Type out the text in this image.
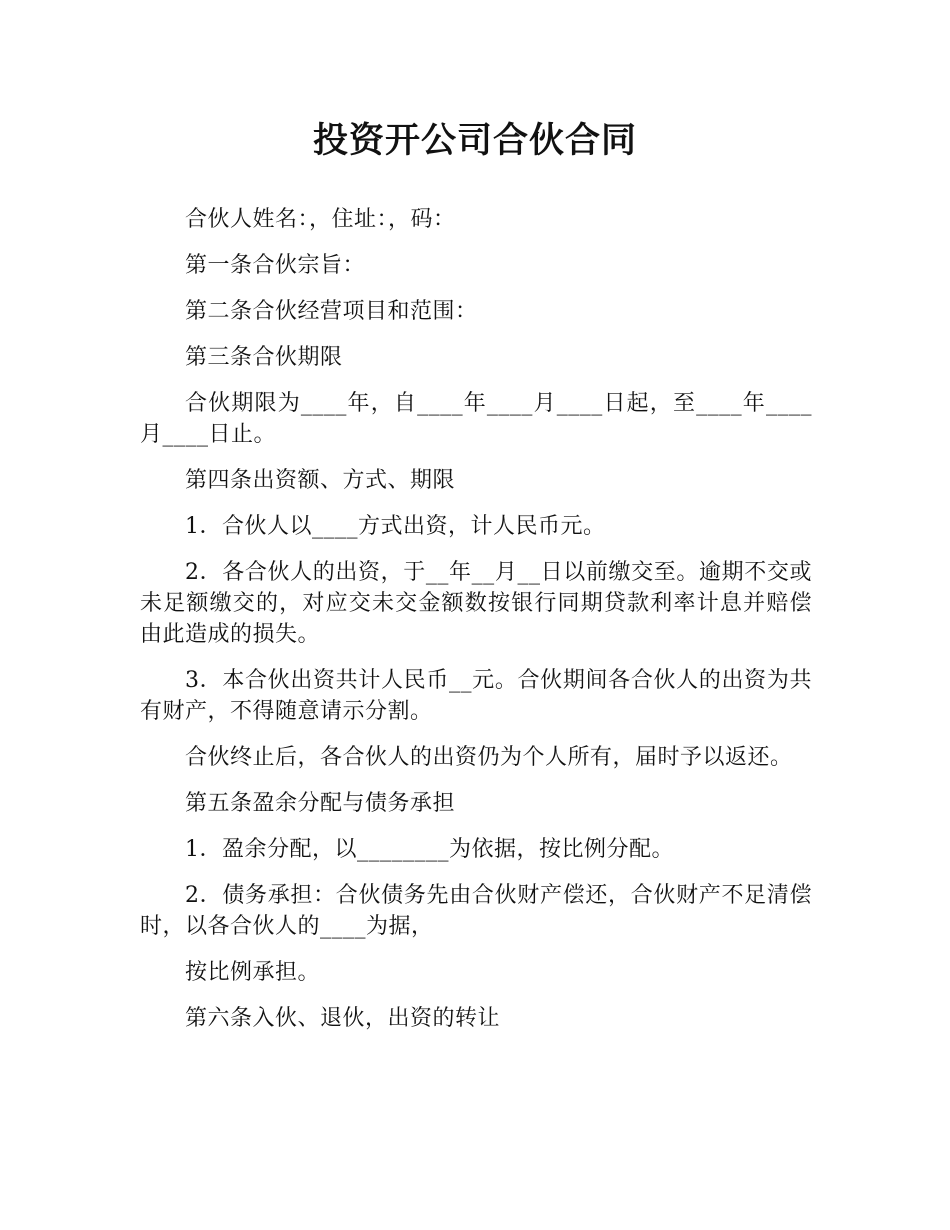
投资开公司合伙合同

合伙人姓名：，住址：，码：

第一条合伙宗旨：

第二条合伙经营项目和范围：

第三条合伙期限

合伙期限为____年，自____年____月____日起，至____年____月____日止。

第四条出资额、方式、期限

1．合伙人以____方式出资，计人民币元。

2．各合伙人的出资，于__年__月__日以前缴交至。逾期不交或未足额缴交的，对应交未交金额数按银行同期贷款利率计息并赔偿由此造成的损失。

3．本合伙出资共计人民币__元。合伙期间各合伙人的出资为共有财产，不得随意请示分割。

合伙终止后，各合伙人的出资仍为个人所有，届时予以返还。

第五条盈余分配与债务承担

1．盈余分配，以________为依据，按比例分配。

2．债务承担：合伙债务先由合伙财产偿还，合伙财产不足清偿时，以各合伙人的____为据，

按比例承担。

第六条入伙、退伙，出资的转让
